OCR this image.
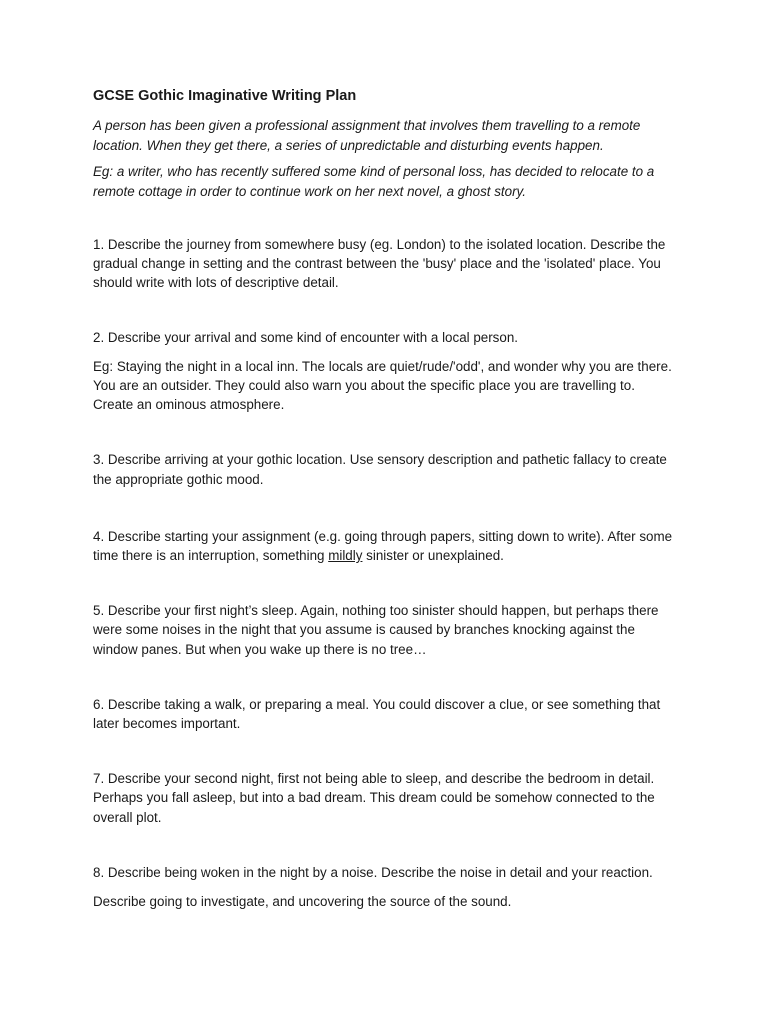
GCSE Gothic Imaginative Writing Plan

A person has been given a professional assignment that involves them travelling to a remote location. When they get there, a series of unpredictable and disturbing events happen.

Eg: a writer, who has recently suffered some kind of personal loss, has decided to relocate to a remote cottage in order to continue work on her next novel, a ghost story.

1. Describe the journey from somewhere busy (eg. London) to the isolated location. Describe the gradual change in setting and the contrast between the 'busy' place and the 'isolated' place. You should write with lots of descriptive detail.

2. Describe your arrival and some kind of encounter with a local person.

Eg: Staying the night in a local inn. The locals are quiet/rude/'odd', and wonder why you are there. You are an outsider. They could also warn you about the specific place you are travelling to. Create an ominous atmosphere.

3. Describe arriving at your gothic location. Use sensory description and pathetic fallacy to create the appropriate gothic mood.

4. Describe starting your assignment (e.g. going through papers, sitting down to write). After some time there is an interruption, something mildly sinister or unexplained.

5. Describe your first night’s sleep. Again, nothing too sinister should happen, but perhaps there were some noises in the night that you assume is caused by branches knocking against the window panes. But when you wake up there is no tree…

6. Describe taking a walk, or preparing a meal. You could discover a clue, or see something that later becomes important.

7. Describe your second night, first not being able to sleep, and describe the bedroom in detail. Perhaps you fall asleep, but into a bad dream. This dream could be somehow connected to the overall plot.

8. Describe being woken in the night by a noise. Describe the noise in detail and your reaction.

Describe going to investigate, and uncovering the source of the sound.
